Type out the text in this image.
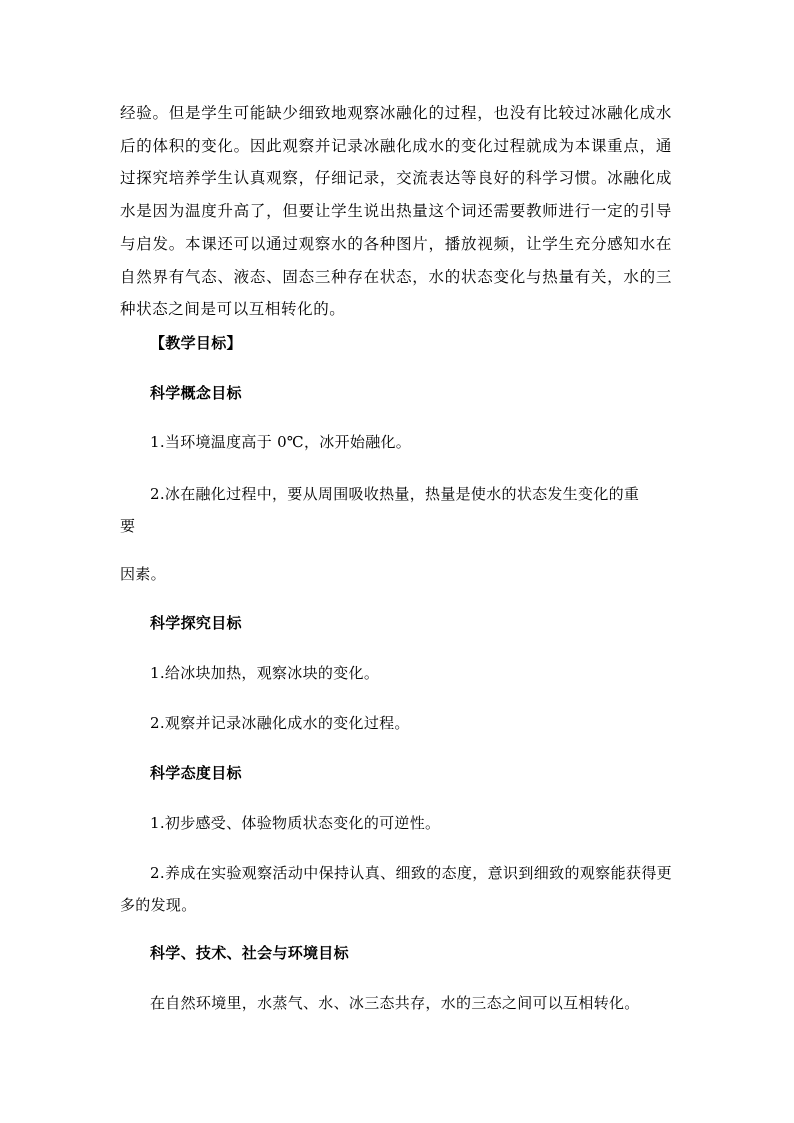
经验。但是学生可能缺少细致地观察冰融化的过程，也没有比较过冰融化成水后的体积的变化。因此观察并记录冰融化成水的变化过程就成为本课重点，通过探究培养学生认真观察，仔细记录，交流表达等良好的科学习惯。冰融化成水是因为温度升高了，但要让学生说出热量这个词还需要教师进行一定的引导与启发。本课还可以通过观察水的各种图片，播放视频，让学生充分感知水在自然界有气态、液态、固态三种存在状态，水的状态变化与热量有关，水的三种状态之间是可以互相转化的。

【教学目标】

科学概念目标

1.当环境温度高于 0℃，冰开始融化。

2.冰在融化过程中，要从周围吸收热量，热量是使水的状态发生变化的重

要

因素。

科学探究目标

1.给冰块加热，观察冰块的变化。

2.观察并记录冰融化成水的变化过程。

科学态度目标

1.初步感受、体验物质状态变化的可逆性。

2.养成在实验观察活动中保持认真、细致的态度，意识到细致的观察能获得更多的发现。

科学、技术、社会与环境目标

在自然环境里，水蒸气、水、冰三态共存，水的三态之间可以互相转化。
